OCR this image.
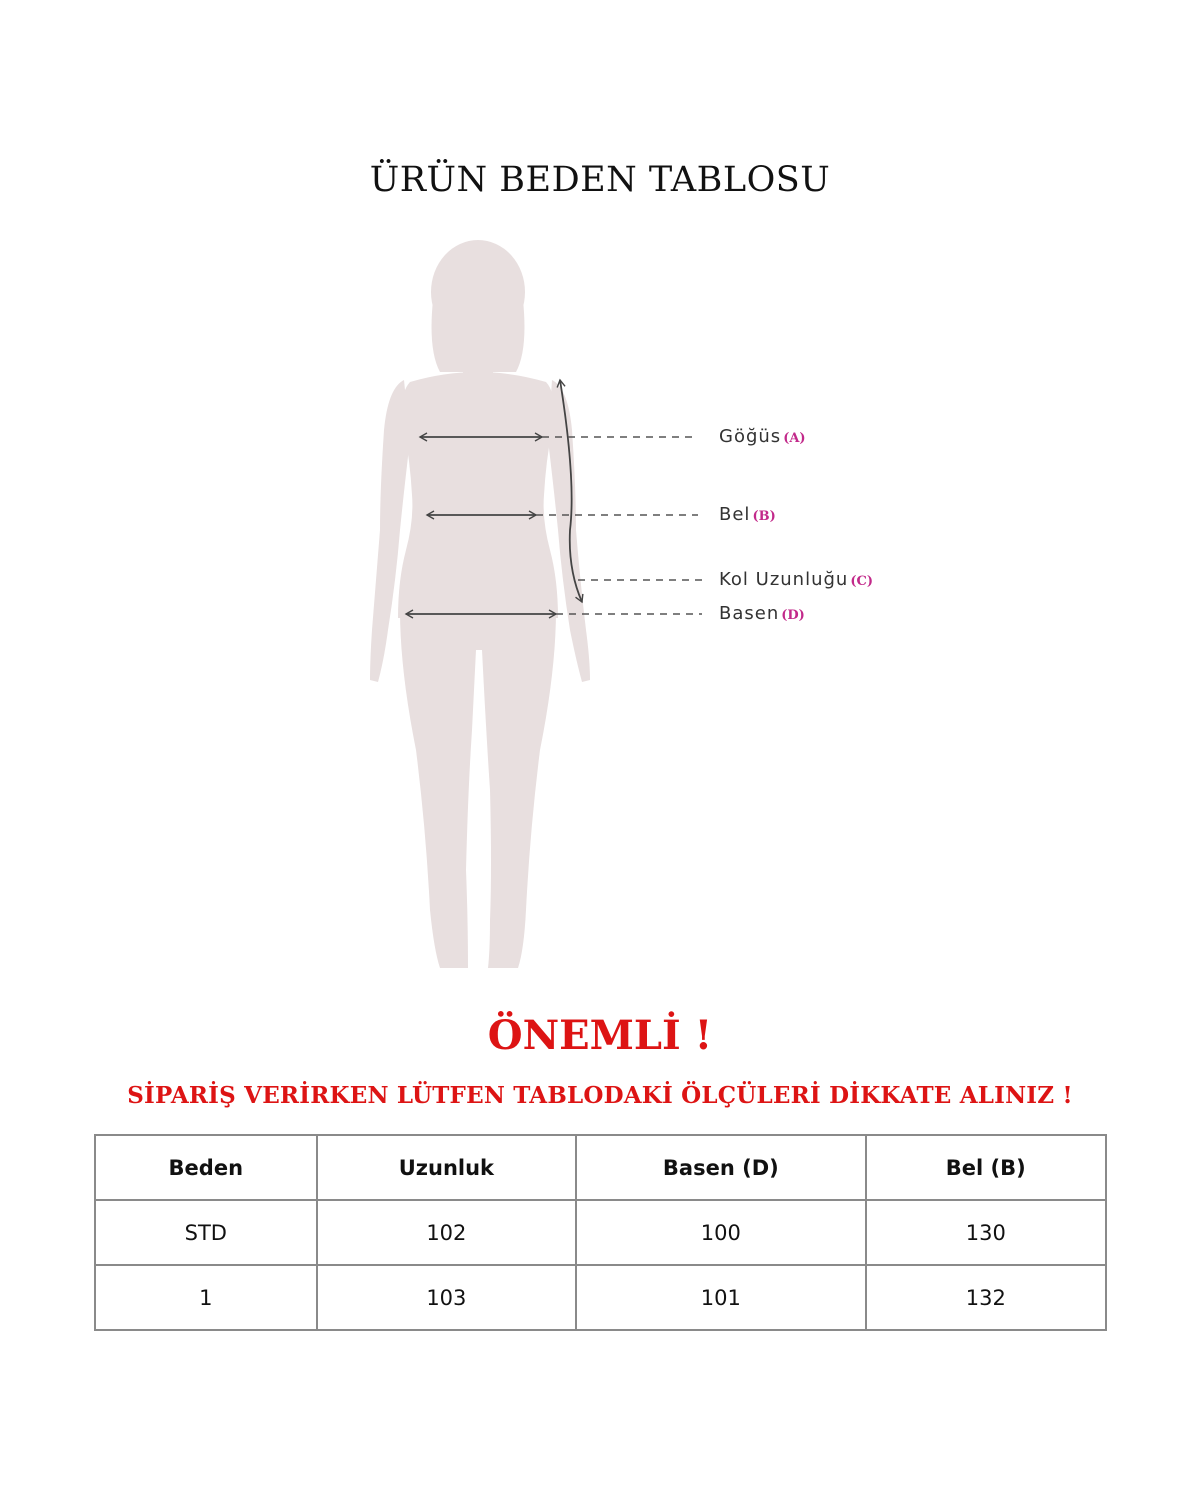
ÜRÜN BEDEN TABLOSU
Göğüs (A)
Bel (B)
Kol Uzunluğu (C)
Basen (D)
ÖNEMLİ !
SİPARİŞ VERİRKEN LÜTFEN TABLODAKİ ÖLÇÜLERİ DİKKATE ALINIZ !
Beden	Uzunluk	Basen (D)	Bel (B)
STD	102	100	130
1	103	101	132
